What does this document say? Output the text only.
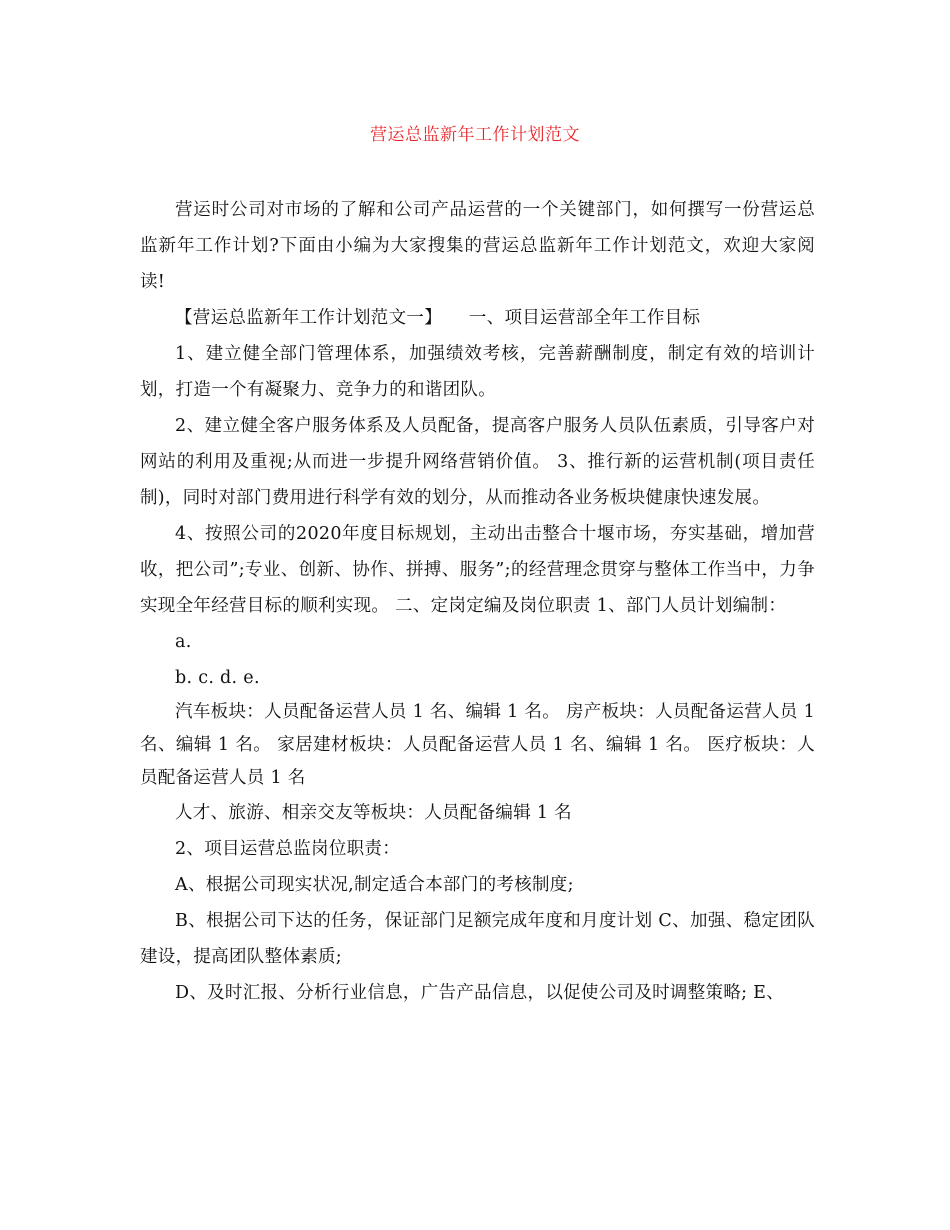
营运总监新年工作计划范文

营运时公司对市场的了解和公司产品运营的一个关键部门，如何撰写一份营运总监新年工作计划?下面由小编为大家搜集的营运总监新年工作计划范文，欢迎大家阅读!

【营运总监新年工作计划范文一】　　一、项目运营部全年工作目标

1、建立健全部门管理体系，加强绩效考核，完善薪酬制度，制定有效的培训计划，打造一个有凝聚力、竞争力的和谐团队。

2、建立健全客户服务体系及人员配备，提高客户服务人员队伍素质，引导客户对网站的利用及重视;从而进一步提升网络营销价值。 3、推行新的运营机制(项目责任制)，同时对部门费用进行科学有效的划分，从而推动各业务板块健康快速发展。

4、按照公司的2020年度目标规划，主动出击整合十堰市场，夯实基础，增加营收，把公司”;专业、创新、协作、拼搏、服务”;的经营理念贯穿与整体工作当中，力争实现全年经营目标的顺利实现。 二、定岗定编及岗位职责 1、部门人员计划编制：

a.

b. c. d. e.

汽车板块：人员配备运营人员 1 名、编辑 1 名。 房产板块：人员配备运营人员 1 名、编辑 1 名。 家居建材板块：人员配备运营人员 1 名、编辑 1 名。 医疗板块：人员配备运营人员 1 名

人才、旅游、相亲交友等板块：人员配备编辑 1 名

2、项目运营总监岗位职责：

A、根据公司现实状况,制定适合本部门的考核制度;

B、根据公司下达的任务，保证部门足额完成年度和月度计划 C、加强、稳定团队建设，提高团队整体素质;

D、及时汇报、分析行业信息，广告产品信息，以促使公司及时调整策略; E、
